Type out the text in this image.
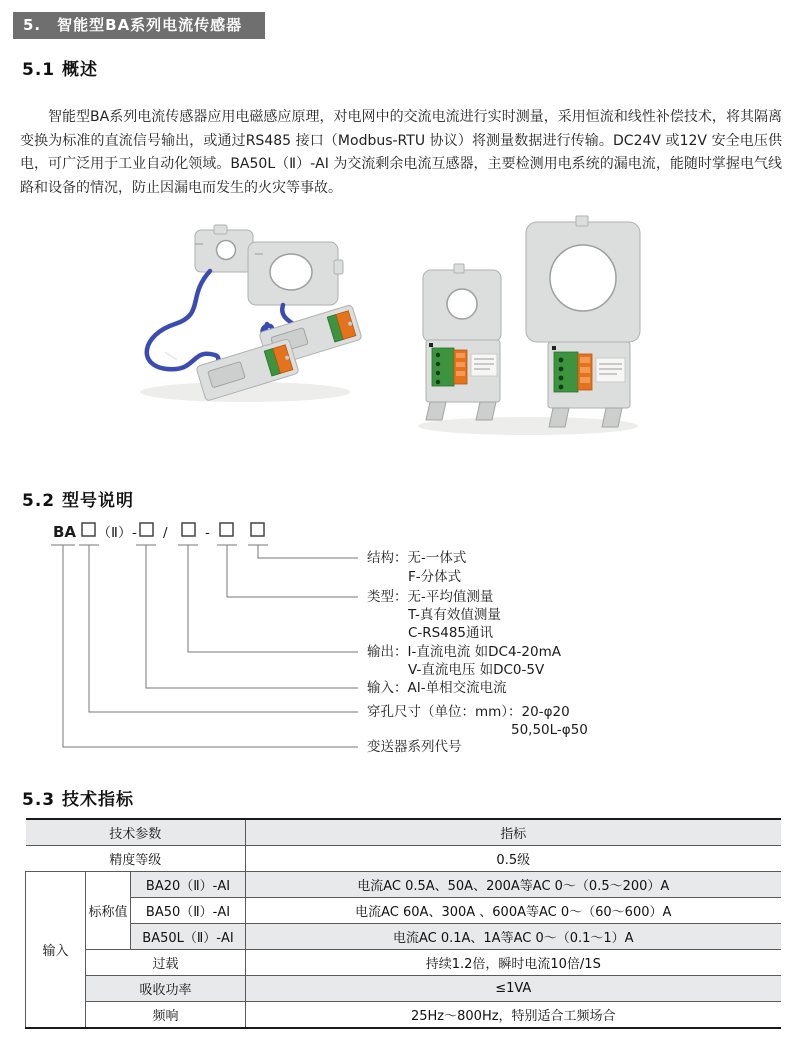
5.　智能型BA系列电流传感器
5.1 概述
智能型BA系列电流传感器应用电磁感应原理，对电网中的交流电流进行实时测量，采用恒流和线性补偿技术，将其隔离变换为标准的直流信号输出，或通过RS485 接口（Modbus-RTU 协议）将测量数据进行传输。DC24V 或12V 安全电压供电，可广泛用于工业自动化领域。BA50L（Ⅱ）-AI 为交流剩余电流互感器，主要检测用电系统的漏电流，能随时掌握电气线路和设备的情况，防止因漏电而发生的火灾等事故。
5.2 型号说明
BA （Ⅱ）- /	-
结构：无-一体式
F-分体式
类型：无-平均值测量
T-真有效值测量
C-RS485通讯
输出：I-直流电流 如DC4-20mA
V-直流电压 如DC0-5V
输入：AI-单相交流电流
穿孔尺寸（单位：mm）：20-φ20
50,50L-φ50
变送器系列代号
5.3 技术指标
技术参数			指标
精度等级			0.5级
输入	标称值	BA20（Ⅱ）-AI	电流AC 0.5A、50A、200A等AC 0～（0.5～200）A
		BA50（Ⅱ）-AI	电流AC 60A、300A 、600A等AC 0～（60～600）A
		BA50L（Ⅱ）-AI	电流AC 0.1A、1A等AC 0～（0.1～1）A
	过载		持续1.2倍，瞬时电流10倍/1S
	吸收功率		≤1VA
	频响		25Hz～800Hz，特别适合工频场合
